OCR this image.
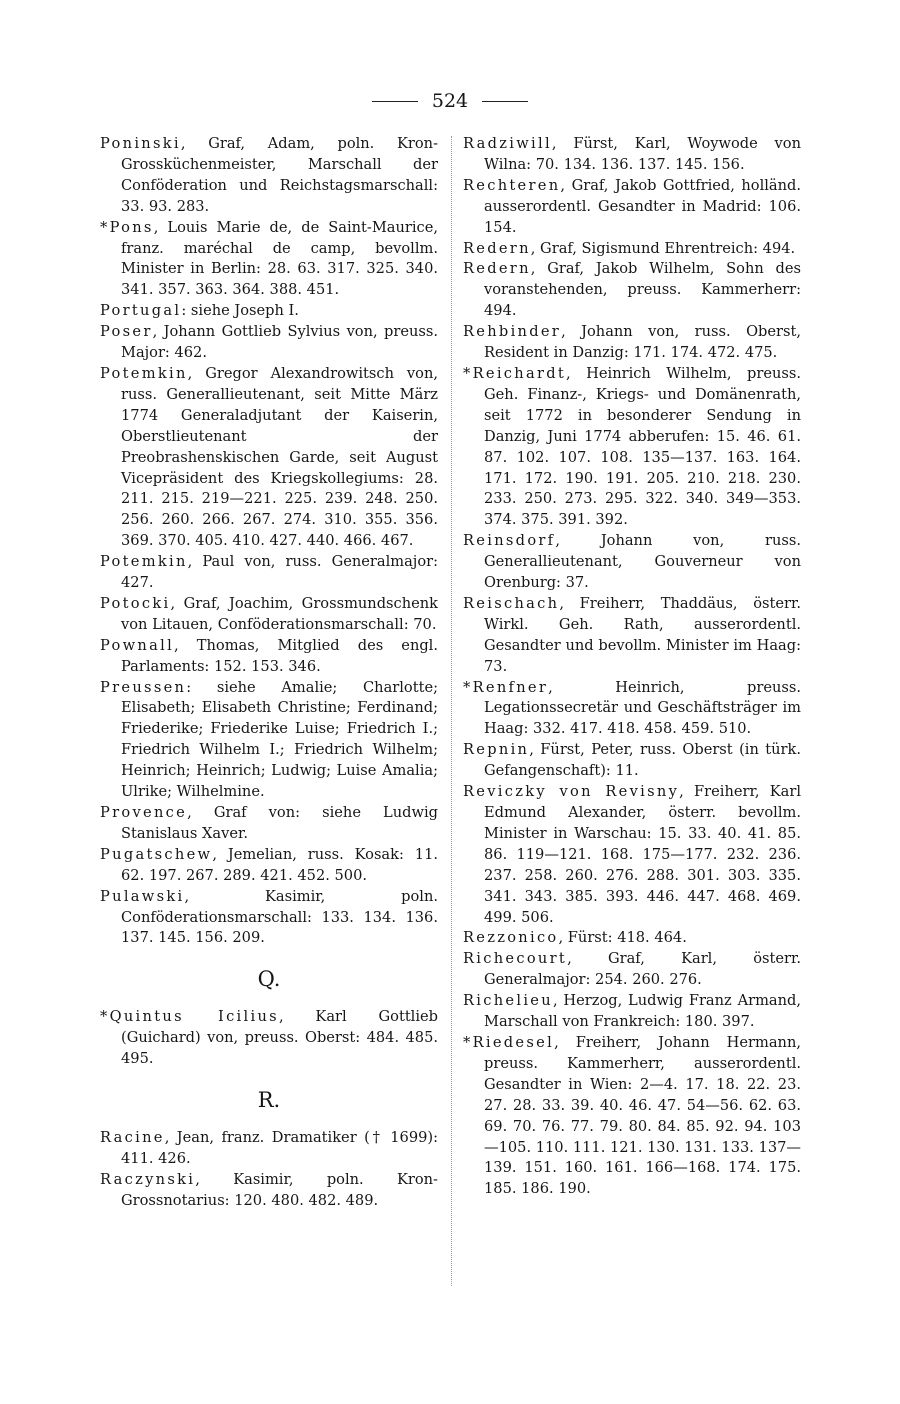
524

Poninski, Graf, Adam, poln. Kron-Grossküchenmeister, Marschall der Conföderation und Reichstagsmarschall: 33. 93. 283.

*Pons, Louis Marie de, de Saint-Maurice, franz. maréchal de camp, bevollm. Minister in Berlin: 28. 63. 317. 325. 340. 341. 357. 363. 364. 388. 451.

Portugal: siehe Joseph I.

Poser, Johann Gottlieb Sylvius von, preuss. Major: 462.

Potemkin, Gregor Alexandrowitsch von, russ. Generallieutenant, seit Mitte März 1774 Generaladjutant der Kaiserin, Oberstlieutenant der Preobrashenskischen Garde, seit August Vicepräsident des Kriegskollegiums: 28. 211. 215. 219—221. 225. 239. 248. 250. 256. 260. 266. 267. 274. 310. 355. 356. 369. 370. 405. 410. 427. 440. 466. 467.

Potemkin, Paul von, russ. Generalmajor: 427.

Potocki, Graf, Joachim, Grossmundschenk von Litauen, Conföderationsmarschall: 70.

Pownall, Thomas, Mitglied des engl. Parlaments: 152. 153. 346.

Preussen: siehe Amalie; Charlotte; Elisabeth; Elisabeth Christine; Ferdinand; Friederike; Friederike Luise; Friedrich I.; Friedrich Wilhelm I.; Friedrich Wilhelm; Heinrich; Heinrich; Ludwig; Luise Amalia; Ulrike; Wilhelmine.

Provence, Graf von: siehe Ludwig Stanislaus Xaver.

Pugatschew, Jemelian, russ. Kosak: 11. 62. 197. 267. 289. 421. 452. 500.

Pulawski, Kasimir, poln. Conföderationsmarschall: 133. 134. 136. 137. 145. 156. 209.

Q.

*Quintus Icilius, Karl Gottlieb (Guichard) von, preuss. Oberst: 484. 485. 495.

R.

Racine, Jean, franz. Dramatiker († 1699): 411. 426.

Raczynski, Kasimir, poln. Kron-Grossnotarius: 120. 480. 482. 489.

Radziwill, Fürst, Karl, Woywode von Wilna: 70. 134. 136. 137. 145. 156.

Rechteren, Graf, Jakob Gottfried, holländ. ausserordentl. Gesandter in Madrid: 106. 154.

Redern, Graf, Sigismund Ehrentreich: 494.

Redern, Graf, Jakob Wilhelm, Sohn des voranstehenden, preuss. Kammerherr: 494.

Rehbinder, Johann von, russ. Oberst, Resident in Danzig: 171. 174. 472. 475.

*Reichardt, Heinrich Wilhelm, preuss. Geh. Finanz-, Kriegs- und Domänenrath, seit 1772 in besonderer Sendung in Danzig, Juni 1774 abberufen: 15. 46. 61. 87. 102. 107. 108. 135—137. 163. 164. 171. 172. 190. 191. 205. 210. 218. 230. 233. 250. 273. 295. 322. 340. 349—353. 374. 375. 391. 392.

Reinsdorf, Johann von, russ. Generallieutenant, Gouverneur von Orenburg: 37.

Reischach, Freiherr, Thaddäus, österr. Wirkl. Geh. Rath, ausserordentl. Gesandter und bevollm. Minister im Haag: 73.

*Renfner, Heinrich, preuss. Legationssecretär und Geschäftsträger im Haag: 332. 417. 418. 458. 459. 510.

Repnin, Fürst, Peter, russ. Oberst (in türk. Gefangenschaft): 11.

Reviczky von Revisny, Freiherr, Karl Edmund Alexander, österr. bevollm. Minister in Warschau: 15. 33. 40. 41. 85. 86. 119—121. 168. 175—177. 232. 236. 237. 258. 260. 276. 288. 301. 303. 335. 341. 343. 385. 393. 446. 447. 468. 469. 499. 506.

Rezzonico, Fürst: 418. 464.

Richecourt, Graf, Karl, österr. Generalmajor: 254. 260. 276.

Richelieu, Herzog, Ludwig Franz Armand, Marschall von Frankreich: 180. 397.

*Riedesel, Freiherr, Johann Hermann, preuss. Kammerherr, ausserordentl. Gesandter in Wien: 2—4. 17. 18. 22. 23. 27. 28. 33. 39. 40. 46. 47. 54—56. 62. 63. 69. 70. 76. 77. 79. 80. 84. 85. 92. 94. 103—105. 110. 111. 121. 130. 131. 133. 137—139. 151. 160. 161. 166—168. 174. 175. 185. 186. 190.
